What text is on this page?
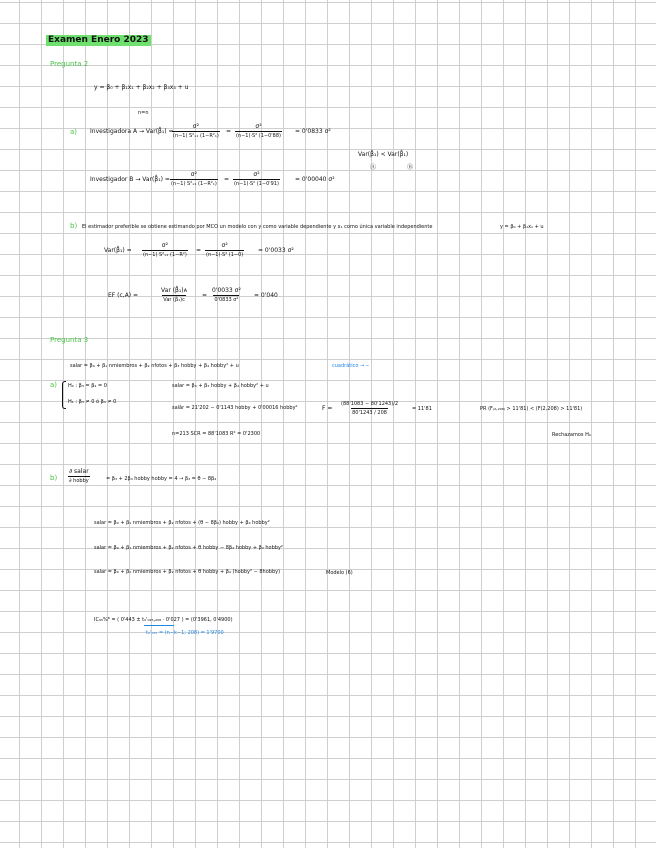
Examen Enero 2023
Pregunta 2
y = β₀ + β₁x₁ + β₂x₂ + β₃x₃ + u
n=n
a) Investigadora A → Var(β̂₁) =
σ²
(n−1) S²ₓ₁ (1−R²₁)
=
σ²
(n−1)·S² (1−0'88)
= 0'0833 σ²
Var(β̂₁) < Var(β̂₁)
Ⓐ	Ⓑ
Investigador B → Var(β̂₁) =
σ²
(n−1) S²ₓ₁ (1−R²₁)
=
σ²
(n−1)·S² (1−0'91)
= 0'00040 σ²
b) El estimador preferible se obtiene estimando por MCO un modelo con y como variable dependiente y x₁ como única variable independiente	y = β₀ + β₁x₁ + u
Var(β̂₁) =
σ²
(n−1) S²ₓ₁ (1−R²)
=
σ²
(n−1)·S² (1−0)
= 0'0033 σ²
EF (c,A) =
Var (β̂₁)ᴀ
Var (β̂₁)c
=
0'0033 σ²
0'0833 σ²
= 0'040
Pregunta 3
salar = β₀ + β₁ nmiembros + β₂ nfotos + β₃ hobby + β₄ hobby² + u	cuadrático → ⌣
a) H₀ : β₃ = β₄ = 0
H₁ : β₃ ≠ 0 ó β₄ ≠ 0
salar = β₀ + β₃ hobby + β₄ hobby² + u
salâr = 21'202 − 0'1143 hobby + 0'00016 hobby²
n=213 SCR = 88'1083 R² = 0'2300
$F = \frac{(88'1083 - 80'1243)/2}{80'1243 / 208}$	= 11'81	PR (F₍₂,₂₀₈₎ > 11'81) < (F(2,208) > 11'81)
Rechazamos H₀
b)
∂ salar
∂ hobby	= β₃ + 2β₄ hobby hobby = 4 → β₃ = θ − 8β₄
salar = β₀ + β₁ nmiembros + β₂ nfotos + (θ − 8β₄) hobby + β₄ hobby²
salar = β₀ + β₁ nmiembros + β₂ nfotos + θ hobby − 8β₄ hobby + β₄ hobby²
salar = β₀ + β₁ nmiembros + β₂ nfotos + θ hobby + β₄ (hobby² − 8hobby)	Modelo (6)
IC₉₅%ᶿ = ( 0'443 ± t₀'₀₂₅,₂₀₈ · 0'027 ) = (0'3961, 0'4900)
t₀'₀₂₅ = (n−k−1; 208) = 1'9700
